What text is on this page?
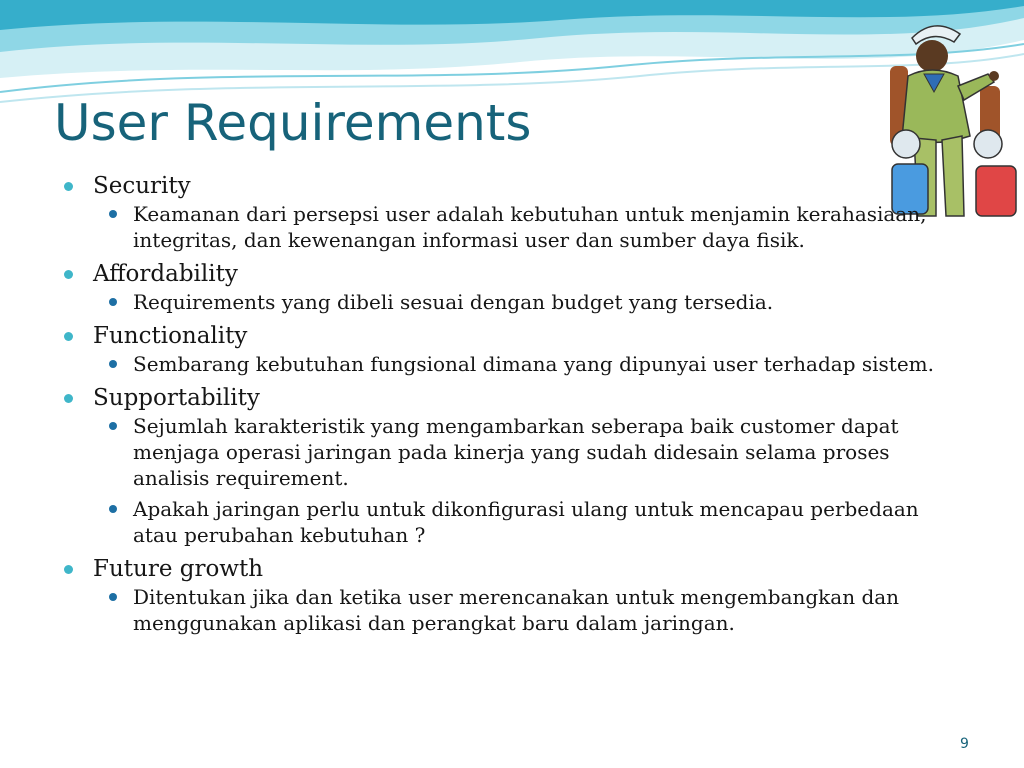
User Requirements
Security
Keamanan dari persepsi user adalah kebutuhan untuk menjamin kerahasiaan, integritas, dan kewenangan informasi user dan sumber daya fisik.
Affordability
Requirements yang dibeli sesuai dengan budget yang tersedia.
Functionality
Sembarang kebutuhan fungsional dimana yang dipunyai user terhadap sistem.
Supportability
Sejumlah karakteristik yang mengambarkan seberapa baik customer dapat menjaga operasi jaringan pada kinerja yang sudah didesain selama proses analisis requirement.
Apakah jaringan perlu untuk dikonfigurasi ulang untuk mencapau perbedaan atau perubahan kebutuhan ?
Future growth
Ditentukan jika dan ketika user merencanakan untuk mengembangkan dan menggunakan aplikasi dan perangkat baru dalam jaringan.
9
